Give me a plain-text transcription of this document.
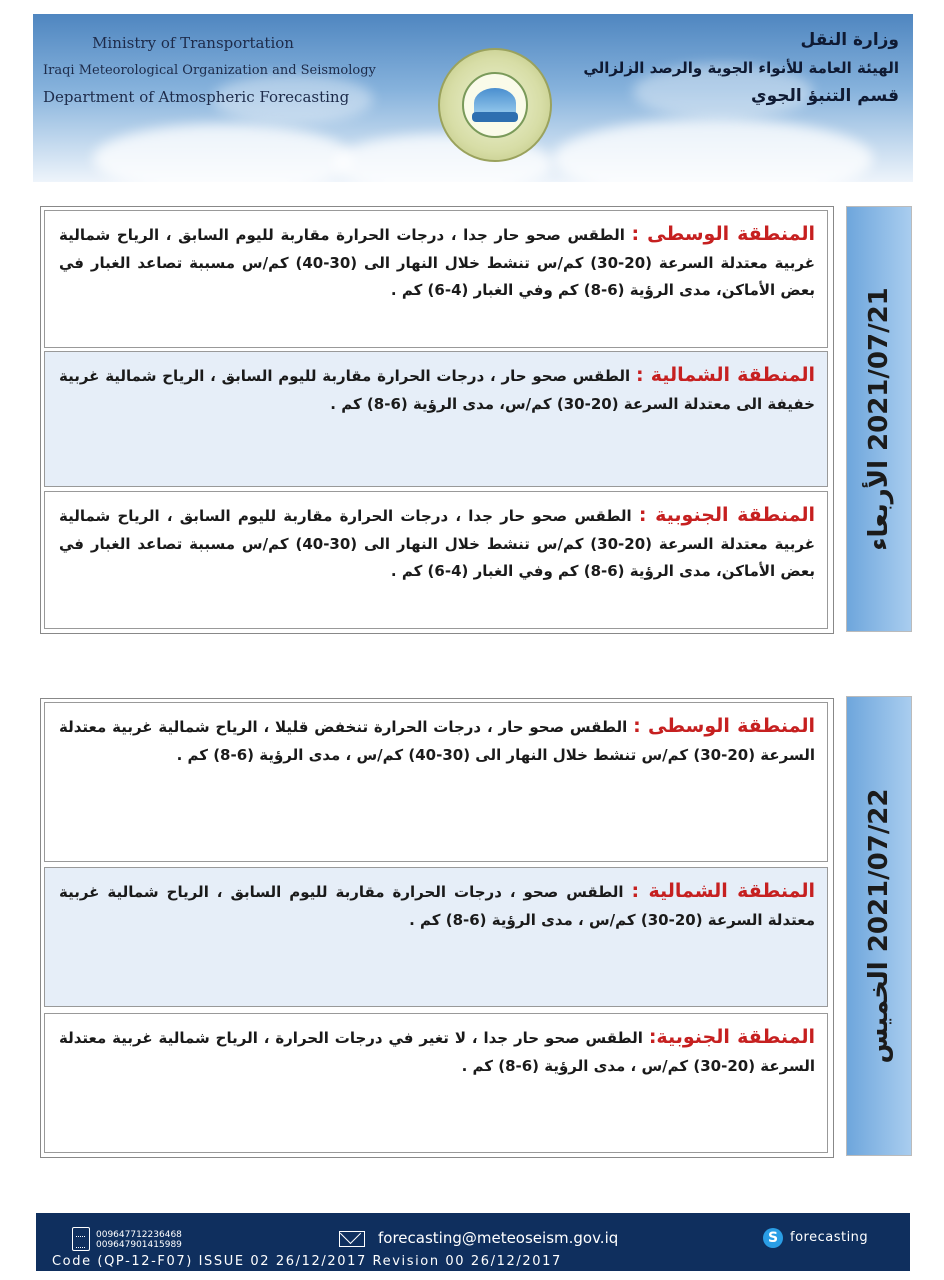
Ministry of Transportation
Iraqi Meteorological Organization and Seismology
Department of Atmospheric Forecasting
وزارة النقل
الهيئة العامة للأنواء الجوية والرصد الزلزالي
قسم التنبؤ الجوي
المنطقة الوسطى : الطقس صحو حار جدا ، درجات الحرارة مقاربة لليوم السابق ، الرياح شمالية غربية معتدلة السرعة (20-30) كم/س تنشط خلال النهار الى (30-40) كم/س مسببة تصاعد الغبار في بعض الأماكن، مدى الرؤية (6-8) كم وفي الغبار (4-6) كم .
المنطقة الشمالية : الطقس صحو حار ، درجات الحرارة مقاربة لليوم السابق ، الرياح شمالية غربية خفيفة الى معتدلة السرعة (20-30) كم/س، مدى الرؤية (6-8) كم .
المنطقة الجنوبية : الطقس صحو حار جدا ، درجات الحرارة مقاربة لليوم السابق ، الرياح شمالية غربية معتدلة السرعة (20-30) كم/س تنشط خلال النهار الى (30-40) كم/س مسببة تصاعد الغبار في بعض الأماكن، مدى الرؤية (6-8) كم وفي الغبار (4-6) كم .
2021/07/21 الأربعاء
المنطقة الوسطى : الطقس صحو حار ، درجات الحرارة تنخفض قليلا ، الرياح شمالية غربية معتدلة السرعة (20-30) كم/س تنشط خلال النهار الى (30-40) كم/س ، مدى الرؤية (6-8) كم .
المنطقة الشمالية : الطقس صحو ، درجات الحرارة مقاربة لليوم السابق ، الرياح شمالية غربية معتدلة السرعة (20-30) كم/س ، مدى الرؤية (6-8) كم .
المنطقة الجنوبية: الطقس صحو حار جدا ، لا تغير في درجات الحرارة ، الرياح شمالية غربية معتدلة السرعة (20-30) كم/س ، مدى الرؤية (6-8) كم .
2021/07/22 الخميس
009647712236468
009647901415989	forecasting@meteoseism.gov.iq	S forecasting
Code (QP-12-F07) ISSUE 02 26/12/2017 Revision 00 26/12/2017
